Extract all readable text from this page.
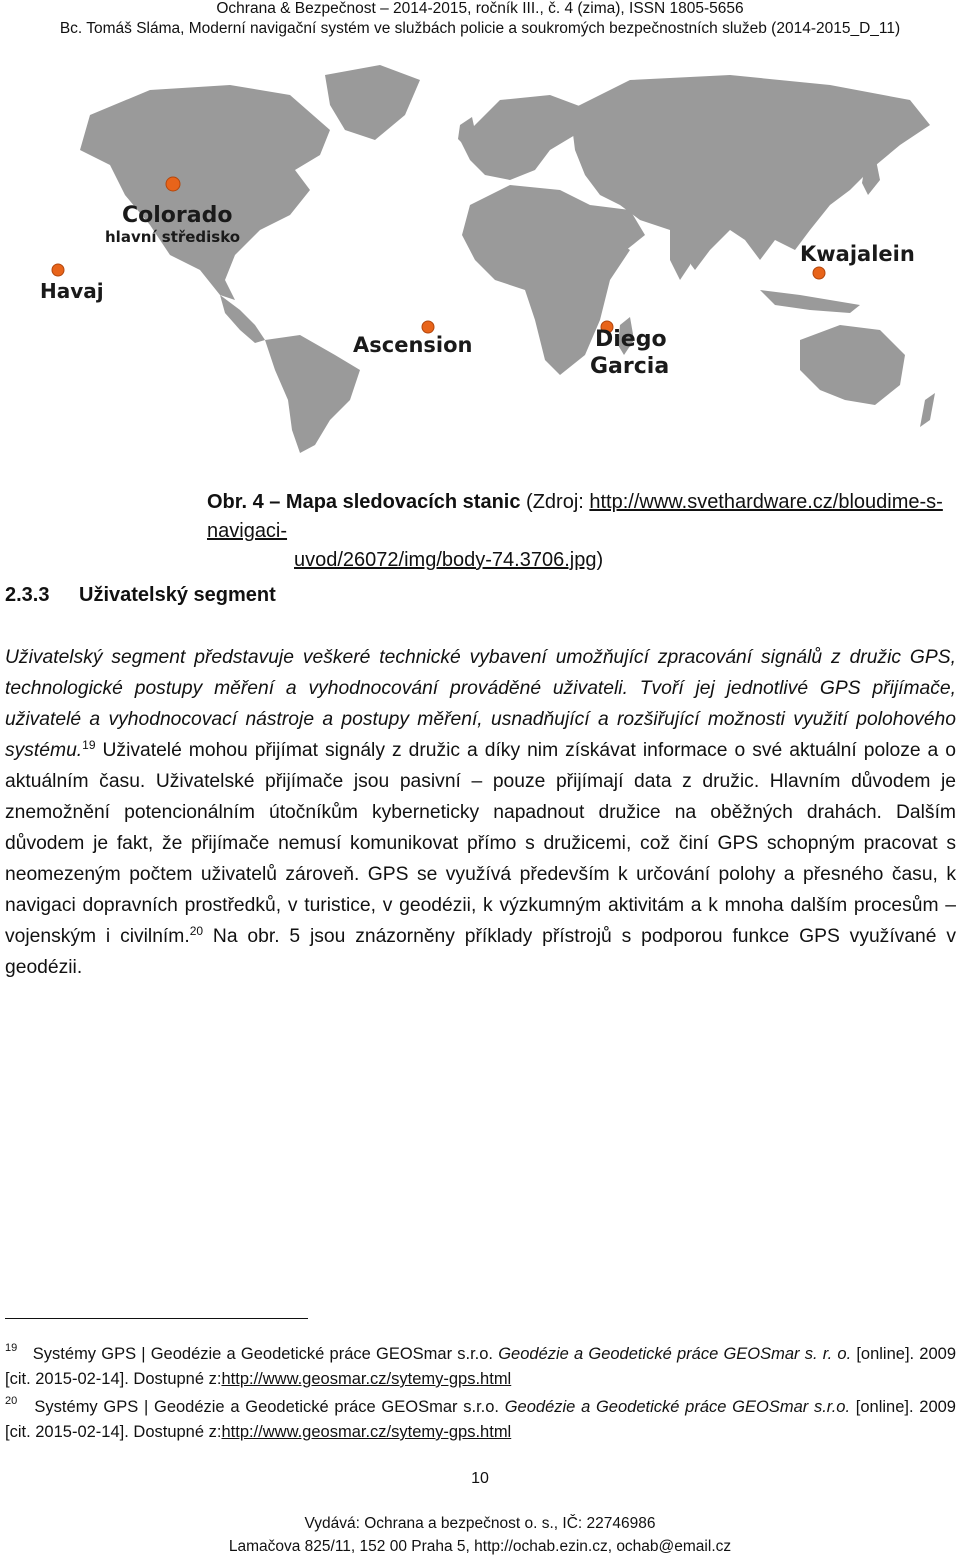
Ochrana & Bezpečnost – 2014-2015, ročník III., č. 4 (zima), ISSN 1805-5656
Bc. Tomáš Sláma, Moderní navigační systém ve službách policie a soukromých bezpečnostních služeb (2014-2015_D_11)
Colorado
hlavní středisko
Havaj
Ascension	Diego
Garcia
Kwajalein
Obr. 4 – Mapa sledovacích stanic (Zdroj: http://www.svethardware.cz/bloudime-s-navigaci-
uvod/26072/img/body-74.3706.jpg)
2.3.3 Uživatelský segment
Uživatelský segment představuje veškeré technické vybavení umožňující zpracování signálů z družic GPS, technologické postupy měření a vyhodnocování prováděné uživateli. Tvoří jej jednotlivé GPS přijímače, uživatelé a vyhodnocovací nástroje a postupy měření, usnadňující a rozšiřující možnosti využití polohového systému.$^{19}$ Uživatelé mohou přijímat signály z družic a díky nim získávat informace o své aktuální poloze a o aktuálním času. Uživatelské přijímače jsou pasivní – pouze přijímají data z družic. Hlavním důvodem je znemožnění potencionálním útočníkům kyberneticky napadnout družice na oběžných drahách. Dalším důvodem je fakt, že přijímače nemusí komunikovat přímo s družicemi, což činí GPS schopným pracovat s neomezeným počtem uživatelů zároveň. GPS se využívá především k určování polohy a přesného času, k navigaci dopravních prostředků, v turistice, v geodézii, k výzkumným aktivitám a k mnoha dalším procesům – vojenským i civilním.$^{20}$ Na obr. 5 jsou znázorněny příklady přístrojů s podporou funkce GPS využívané v geodézii.
$^{19}$ Systémy GPS | Geodézie a Geodetické práce GEOSmar s.r.o. Geodézie a Geodetické práce GEOSmar s. r. o. [online]. 2009 [cit. 2015-02-14]. Dostupné z:http://www.geosmar.cz/sytemy-gps.html
$^{20}$ Systémy GPS | Geodézie a Geodetické práce GEOSmar s.r.o. Geodézie a Geodetické práce GEOSmar s.r.o. [online]. 2009 [cit. 2015-02-14]. Dostupné z:http://www.geosmar.cz/sytemy-gps.html
10
Vydává: Ochrana a bezpečnost o. s., IČ: 22746986
Lamačova 825/11, 152 00 Praha 5, http://ochab.ezin.cz, ochab@email.cz
